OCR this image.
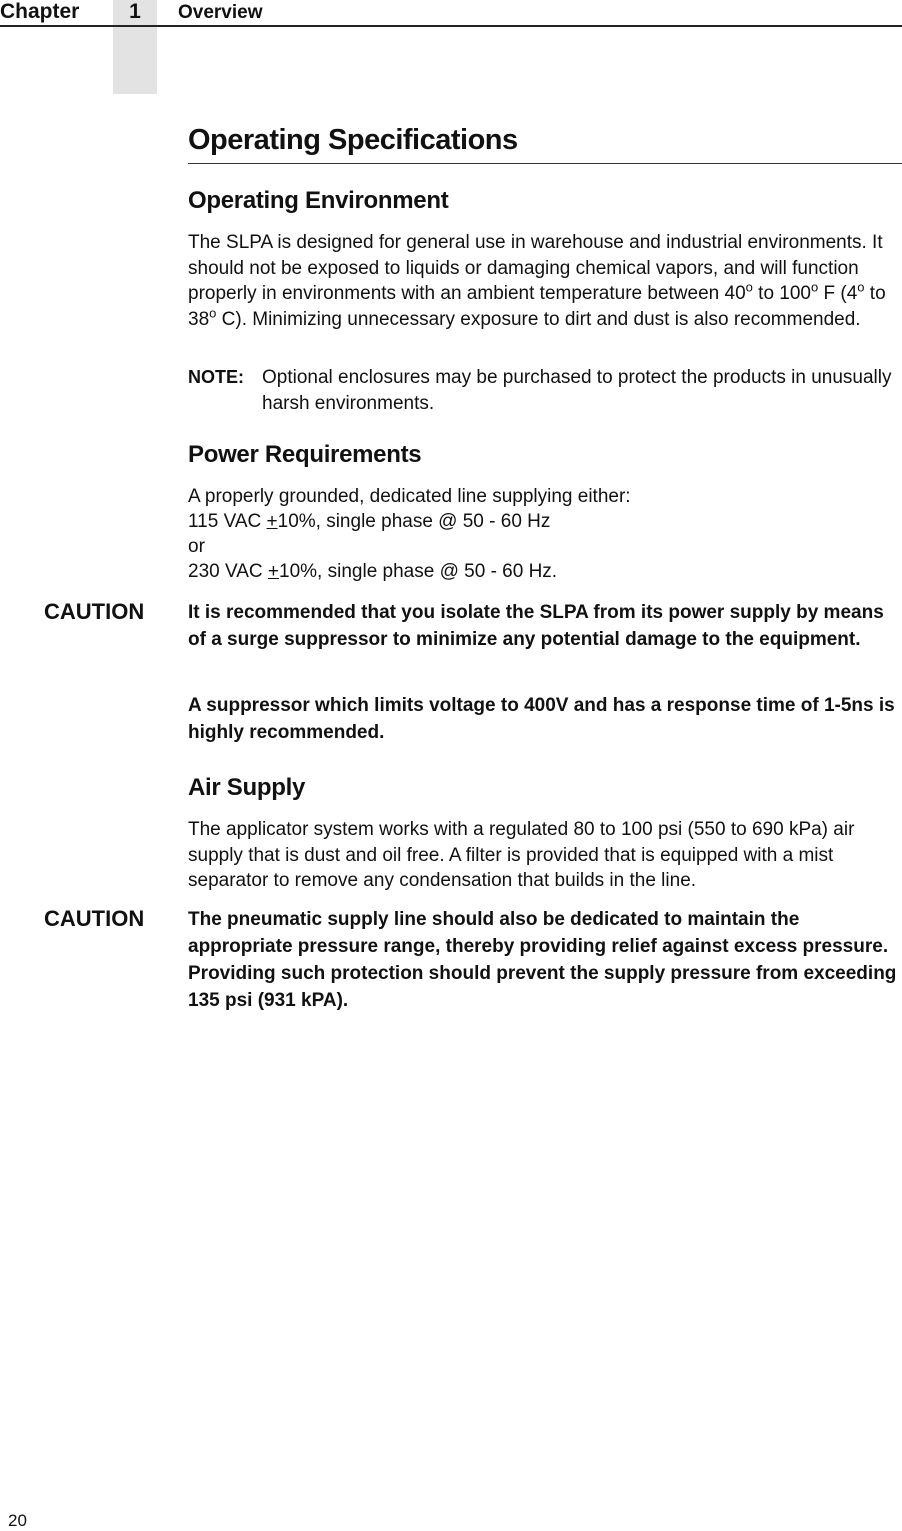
Chapter	1	Overview
Operating Specifications
Operating Environment
The SLPA is designed for general use in warehouse and industrial environments. It should not be exposed to liquids or damaging chemical vapors, and will function properly in environments with an ambient temperature between 40$^o$ to 100$^o$ F (4$^o$ to 38$^o$ C). Minimizing unnecessary exposure to dirt and dust is also recommended.
NOTE: Optional enclosures may be purchased to protect the products in unusually harsh environments.
Power Requirements
A properly grounded, dedicated line supplying either:
115 VAC +10%, single phase @ 50 - 60 Hz
or
230 VAC +10%, single phase @ 50 - 60 Hz.
CAUTION It is recommended that you isolate the SLPA from its power supply by means of a surge suppressor to minimize any potential damage to the equipment.
A suppressor which limits voltage to 400V and has a response time of 1-5ns is highly recommended.
Air Supply
The applicator system works with a regulated 80 to 100 psi (550 to 690 kPa) air supply that is dust and oil free. A filter is provided that is equipped with a mist separator to remove any condensation that builds in the line.
CAUTION The pneumatic supply line should also be dedicated to maintain the appropriate pressure range, thereby providing relief against excess pressure. Providing such protection should prevent the supply pressure from exceeding 135 psi (931 kPA).
20
